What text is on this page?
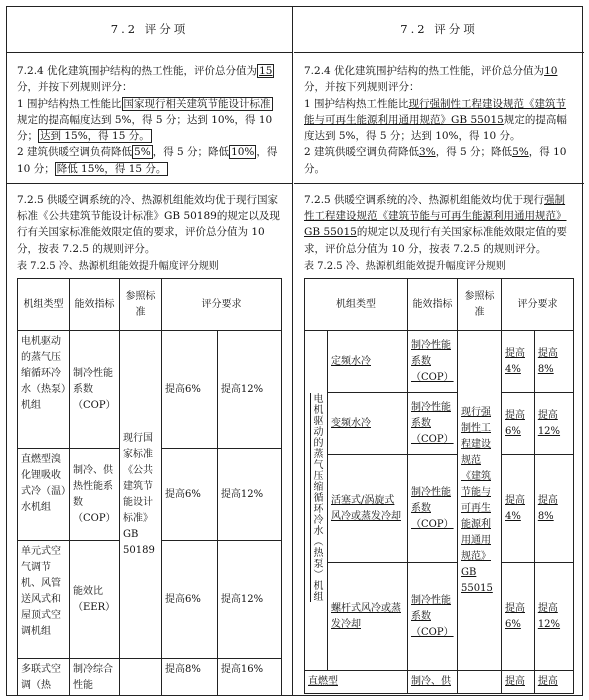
7.2 评分项

7.2.4 优化建筑围护结构的热工性能，评价总分值为 15分，并按下列规则评分：

1 围护结构热工性能比 国家现行相关建筑节能设计标准规定的提高幅度达到 5%，得 5 分；达到 10%，得 10 分； 达到 15%，得 15 分。

2 建筑供暖空调负荷降低 5% ，得 5 分；降低 10% ，得 10 分； 降低 15%，得 15 分。

7.2.5 供暖空调系统的冷、热源机组能效均优于现行国家标准《公共建筑节能设计标准》GB 50189的规定以及现行有关国家标准能效限定值的要求，评价总分值为 10 分，按表 7.2.5 的规则评分。

表 7.2.5 冷、热源机组能效提升幅度评分规则

机组类型	能效指标	参照标准	评分要求	
电机驱动的蒸气压缩循环冷水（热泵）机组	制冷性能系数（COP）	现行国家标准《公共建筑节能设计标准》GB 50189	提高6%	提高12%
直燃型溴化锂吸收式冷（温）水机组	制冷、供热性能系数（COP）		提高6%	提高12%
单元式空气调节机、风管送风式和屋顶式空调机组	能效比（EER）		提高6%	提高12%
多联式空调（热	制冷综合性能		提高8%	提高16%
7.2 评分项

7.2.4 优化建筑围护结构的热工性能，评价总分值为10分，并按下列规则评分：

1 围护结构热工性能比现行强制性工程建设规范《建筑节能与可再生能源利用通用规范》GB 55015规定的提高幅度达到 5%，得 5 分；达到 10%，得 10 分。

2 建筑供暖空调负荷降低3%，得 5 分；降低5%，得 10 分。

7.2.5 供暖空调系统的冷、热源机组能效均优于现行强制性工程建设规范《建筑节能与可再生能源利用通用规范》GB 55015的规定以及现行有关国家标准能效限定值的要求，评价总分值为 10 分，按表 7.2.5 的规则评分。

表 7.2.5 冷、热源机组能效提升幅度评分规则

机组类型		能效指标	参照标准	评分要求	
电机驱动的蒸气压缩循环冷水（热泵）机组	定频水冷	制冷性能系数（COP）	现行强制性工程建设规范《建筑节能与可再生能源利用通用规范》GB 55015	提高4%	提高8%
	变频水冷	制冷性能系数（COP）		提高6%	提高12%
	活塞式/涡旋式风冷或蒸发冷却	制冷性能系数（COP）		提高4%	提高8%
	螺杆式风冷或蒸发冷却	制冷性能系数（COP）		提高6%	提高12%
直燃型		制冷、供		提高	提高
